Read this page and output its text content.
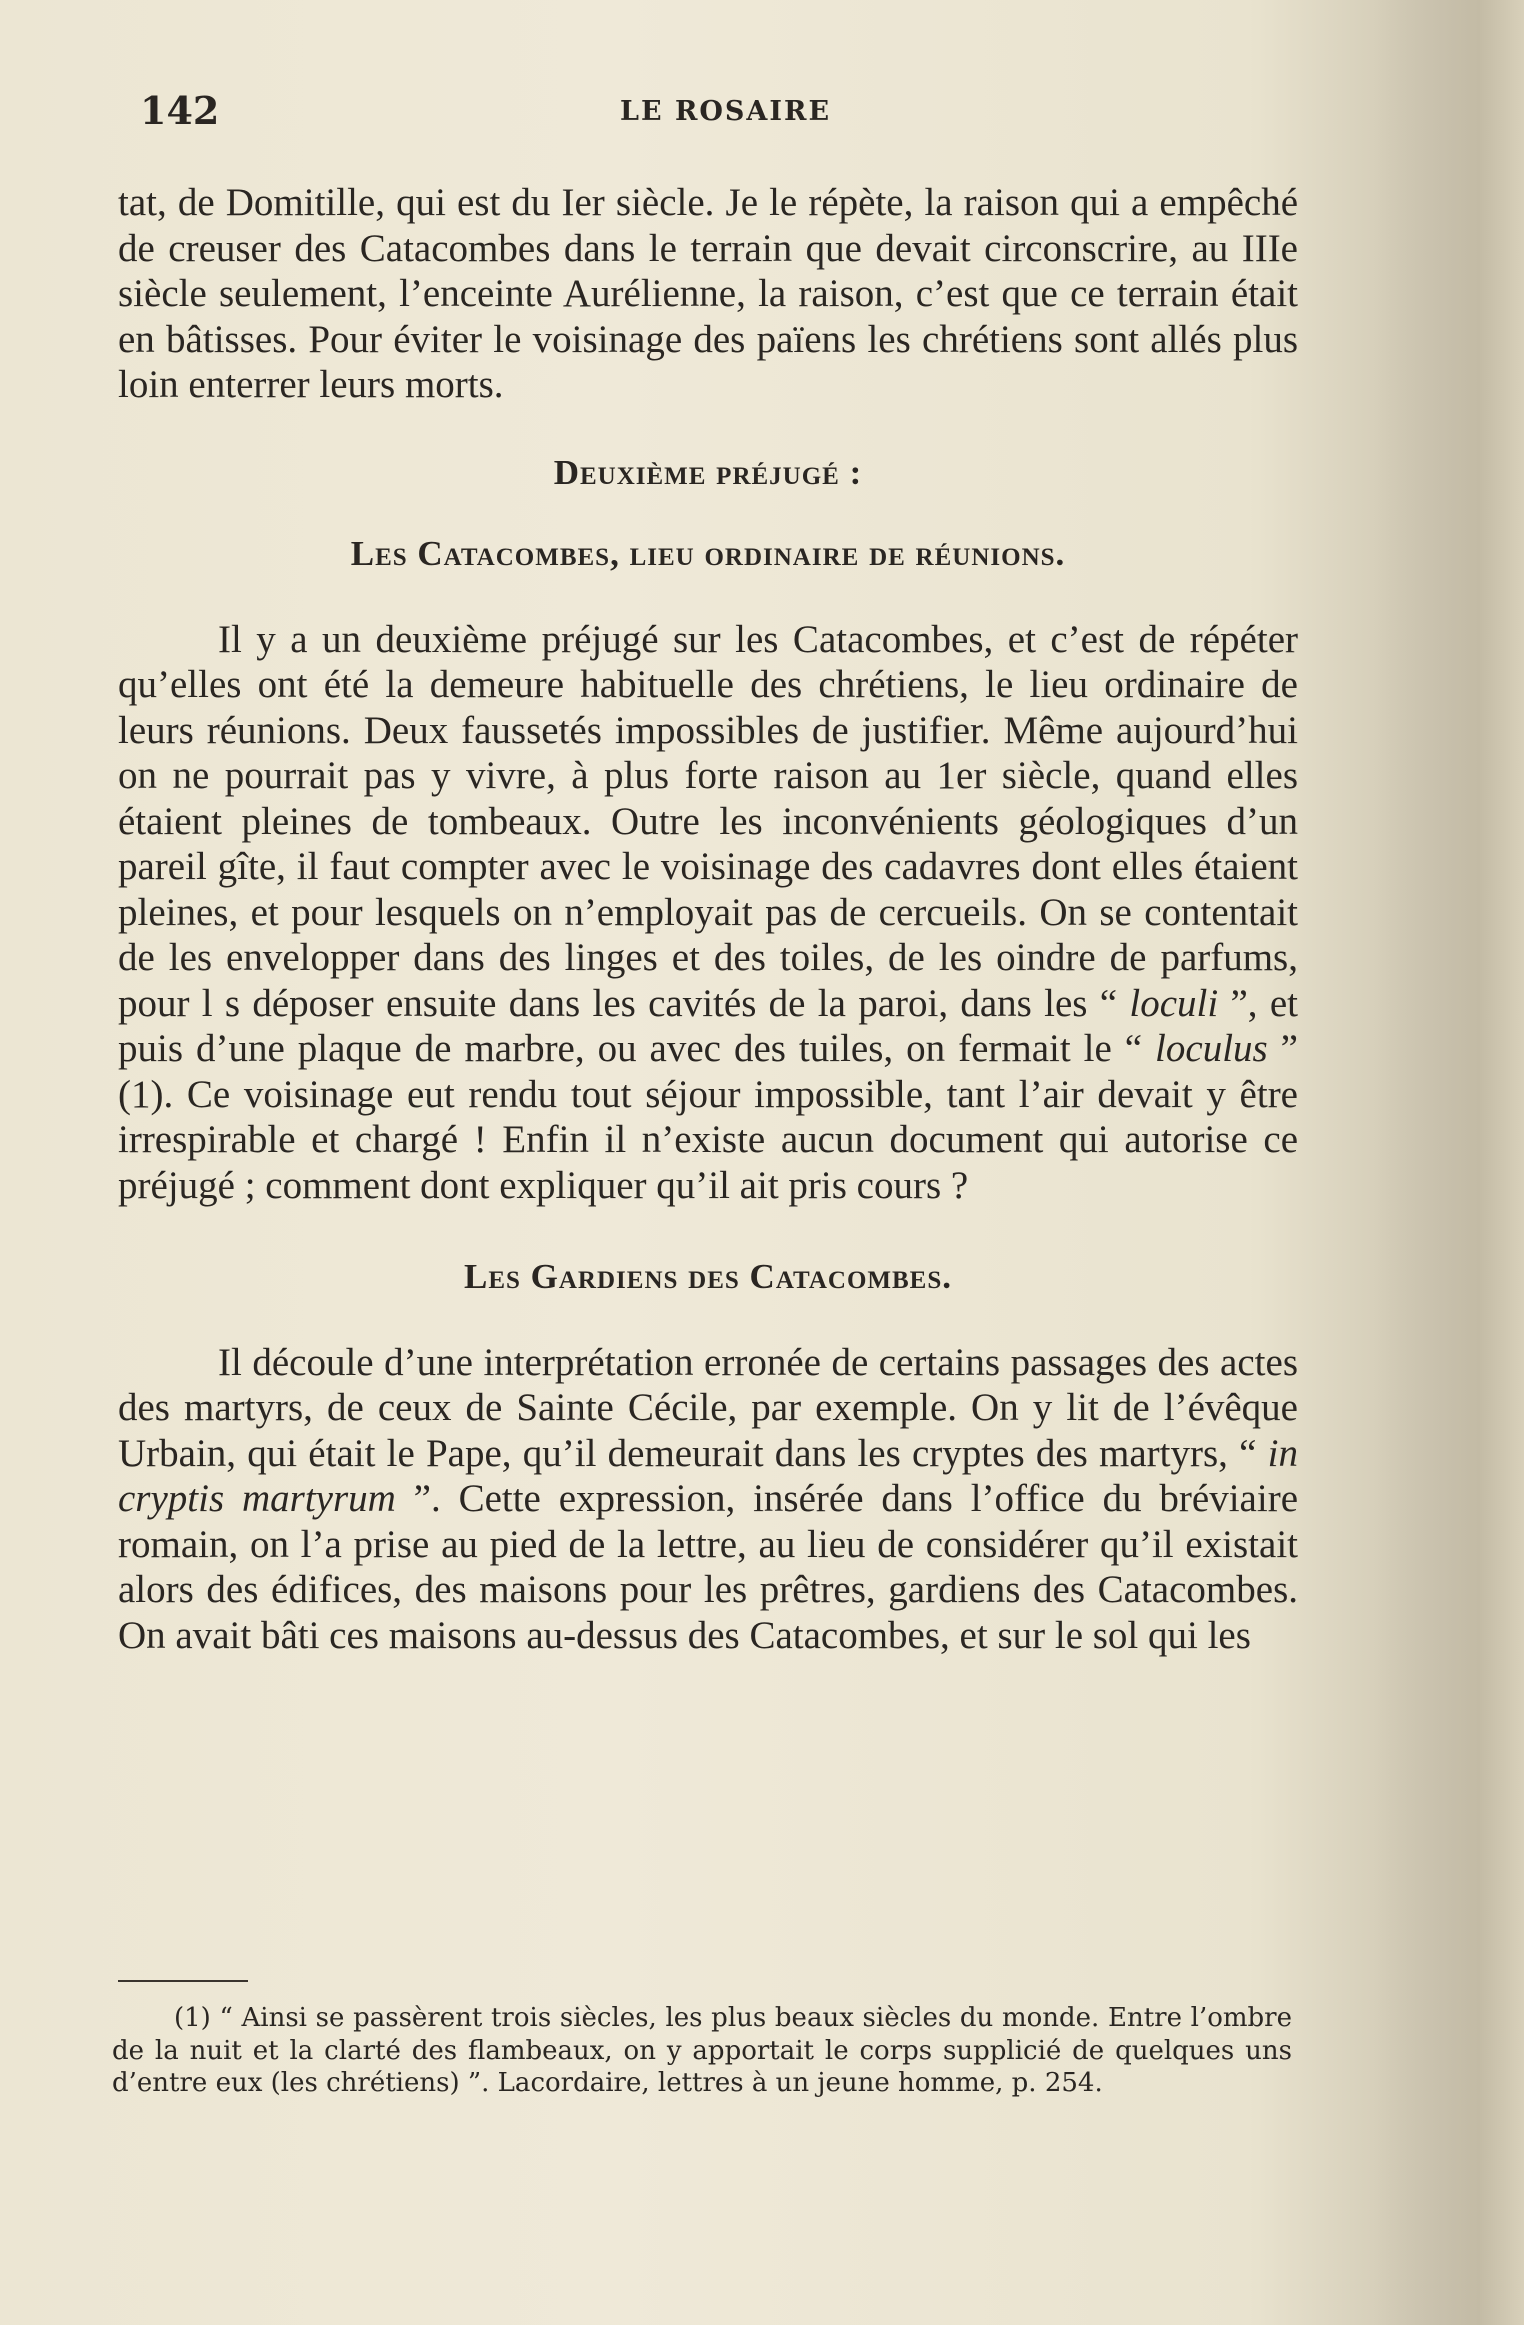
142	LE ROSAIRE

tat, de Domitille, qui est du Ier siècle. Je le répète, la raison qui a empêché de creuser des Catacombes dans le terrain que devait circonscrire, au IIIe siècle seulement, l’enceinte Aurélienne, la raison, c’est que ce terrain était en bâtisses. Pour éviter le voisinage des païens les chrétiens sont allés plus loin enterrer leurs morts.

Deuxième préjugé :
Les Catacombes, lieu ordinaire de réunions.

Il y a un deuxième préjugé sur les Catacombes, et c’est de répéter qu’elles ont été la demeure habituelle des chrétiens, le lieu ordinaire de leurs réunions. Deux faussetés impossibles de justifier. Même aujourd’hui on ne pourrait pas y vivre, à plus forte raison au 1er siècle, quand elles étaient pleines de tombeaux. Outre les inconvénients géologiques d’un pareil gîte, il faut compter avec le voisinage des cadavres dont elles étaient pleines, et pour lesquels on n’employait pas de cercueils. On se contentait de les envelopper dans des linges et des toiles, de les oindre de parfums, pour l s déposer ensuite dans les cavités de la paroi, dans les “ loculi ”, et puis d’une plaque de marbre, ou avec des tuiles, on fermait le “ loculus ” (1). Ce voisinage eut rendu tout séjour impossible, tant l’air devait y être irrespirable et chargé ! Enfin il n’existe aucun document qui autorise ce préjugé ; comment dont expliquer qu’il ait pris cours ?

Les Gardiens des Catacombes.

Il découle d’une interprétation erronée de certains passages des actes des martyrs, de ceux de Sainte Cécile, par exemple. On y lit de l’évêque Urbain, qui était le Pape, qu’il demeurait dans les cryptes des martyrs, “ in cryptis martyrum ”. Cette expression, insérée dans l’office du bréviaire romain, on l’a prise au pied de la lettre, au lieu de considérer qu’il existait alors des édifices, des maisons pour les prêtres, gardiens des Catacombes. On avait bâti ces maisons au-dessus des Catacombes, et sur le sol qui les

(1) “ Ainsi se passèrent trois siècles, les plus beaux siècles du monde. Entre l’ombre de la nuit et la clarté des flambeaux, on y apportait le corps supplicié de quelques uns d’entre eux (les chrétiens) ”. Lacordaire, lettres à un jeune homme, p. 254.
